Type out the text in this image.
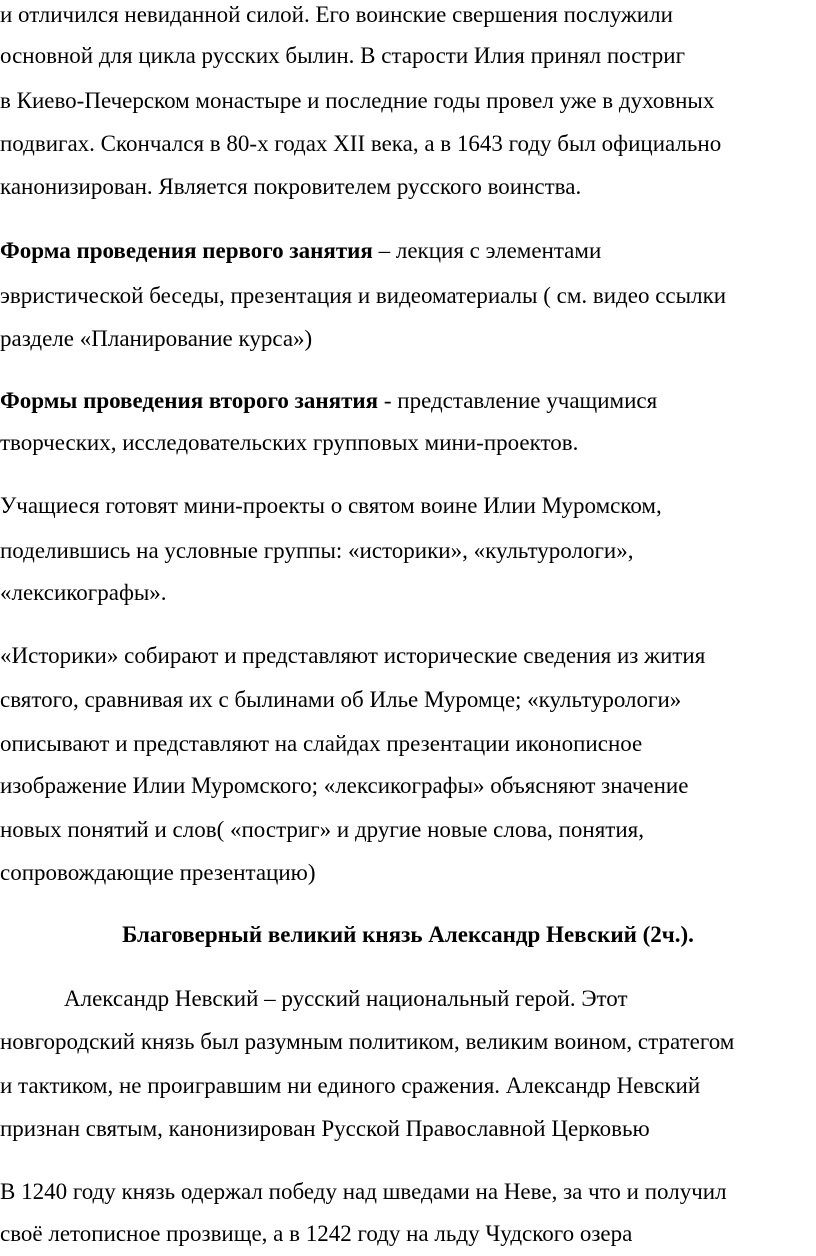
и отличился невиданной силой. Его воинские свершения послужили
основной для цикла русских былин. В старости Илия принял постриг
в Киево-Печерском монастыре и последние годы провел уже в духовных
подвигах. Скончался в 80-х годах XII века, а в 1643 году был официально
канонизирован. Является покровителем русского воинства.
Форма проведения первого занятия – лекция с элементами
эвристической беседы, презентация и видеоматериалы ( см. видео ссылки
разделе «Планирование курса»)
Формы проведения второго занятия - представление учащимися
творческих, исследовательских групповых мини-проектов.
Учащиеся готовят мини-проекты о святом воине Илии Муромском,
поделившись на условные группы: «историки», «культурологи»,
«лексикографы».
«Историки» собирают и представляют исторические сведения из жития
святого, сравнивая их с былинами об Илье Муромце; «культурологи»
описывают и представляют на слайдах презентации иконописное
изображение Илии Муромского; «лексикографы» объясняют значение
новых понятий и слов( «постриг» и другие новые слова, понятия,
сопровождающие презентацию)
Благоверный великий князь Александр Невский (2ч.).
Александр Невский – русский национальный герой. Этот
новгородский князь был разумным политиком, великим воином, стратегом
и тактиком, не проигравшим ни единого сражения. Александр Невский
признан святым, канонизирован Русской Православной Церковью
В 1240 году князь одержал победу над шведами на Неве, за что и получил
своё летописное прозвище, а в 1242 году на льду Чудского озера
